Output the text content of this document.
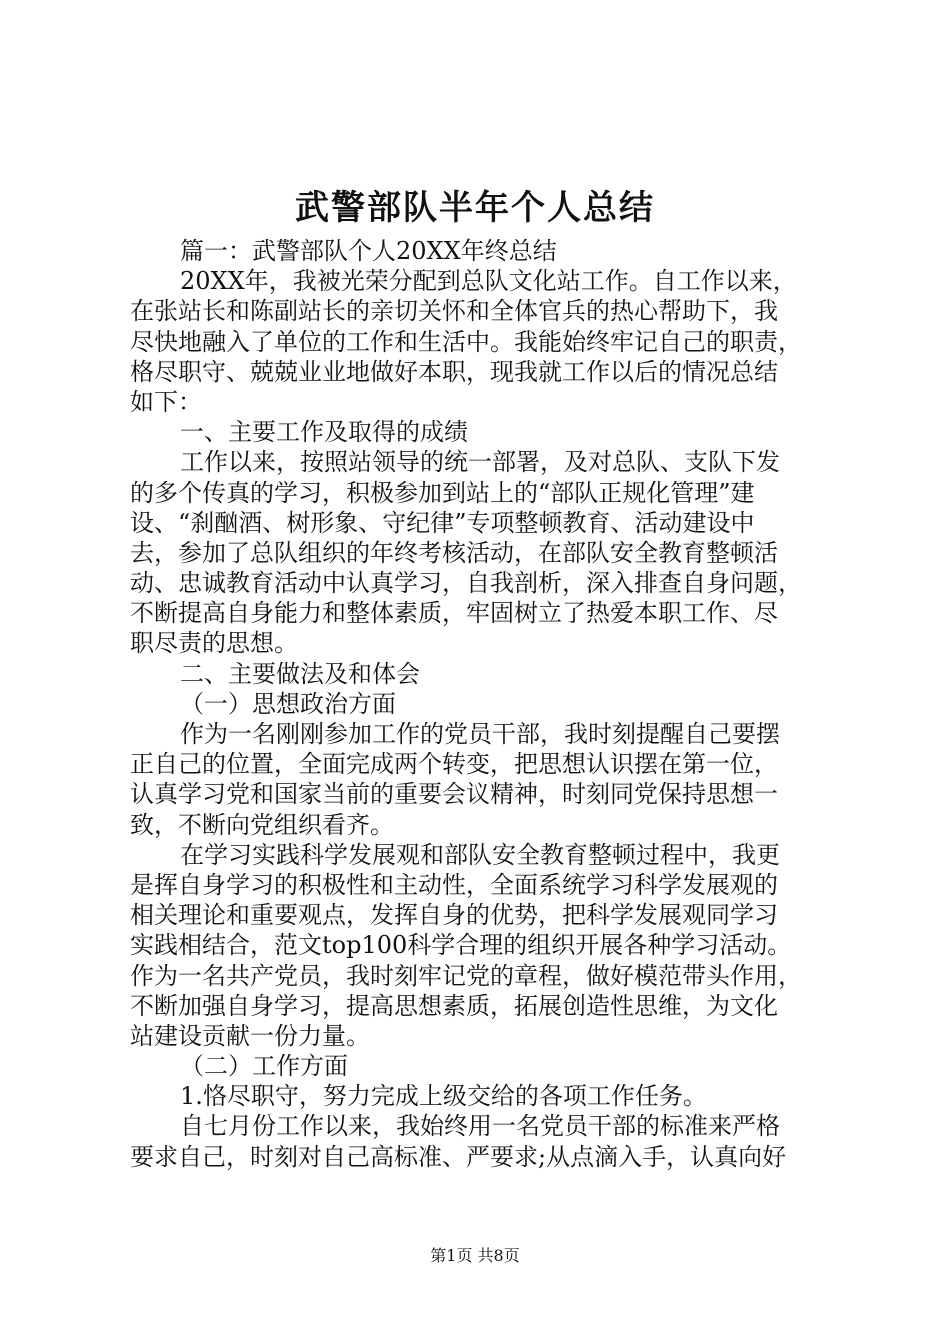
武警部队半年个人总结
篇一：武警部队个人20XX年终总结
20XX年，我被光荣分配到总队文化站工作。自工作以来，
在张站长和陈副站长的亲切关怀和全体官兵的热心帮助下，我
尽快地融入了单位的工作和生活中。我能始终牢记自己的职责，
格尽职守、兢兢业业地做好本职，现我就工作以后的情况总结
如下：
一、主要工作及取得的成绩
工作以来，按照站领导的统一部署，及对总队、支队下发
的多个传真的学习，积极参加到站上的“部队正规化管理”建
设、“刹酗酒、树形象、守纪律”专项整顿教育、活动建设中
去，参加了总队组织的年终考核活动，在部队安全教育整顿活
动、忠诚教育活动中认真学习，自我剖析，深入排查自身问题，
不断提高自身能力和整体素质，牢固树立了热爱本职工作、尽
职尽责的思想。
二、主要做法及和体会
（一）思想政治方面
作为一名刚刚参加工作的党员干部，我时刻提醒自己要摆
正自己的位置，全面完成两个转变，把思想认识摆在第一位，
认真学习党和国家当前的重要会议精神，时刻同党保持思想一
致，不断向党组织看齐。
在学习实践科学发展观和部队安全教育整顿过程中，我更
是挥自身学习的积极性和主动性，全面系统学习科学发展观的
相关理论和重要观点，发挥自身的优势，把科学发展观同学习
实践相结合，范文top100科学合理的组织开展各种学习活动。
作为一名共产党员，我时刻牢记党的章程，做好模范带头作用，
不断加强自身学习，提高思想素质，拓展创造性思维，为文化
站建设贡献一份力量。
（二）工作方面
1.恪尽职守，努力完成上级交给的各项工作任务。
自七月份工作以来，我始终用一名党员干部的标准来严格
要求自己，时刻对自己高标准、严要求;从点滴入手，认真向好
第1页 共8页
